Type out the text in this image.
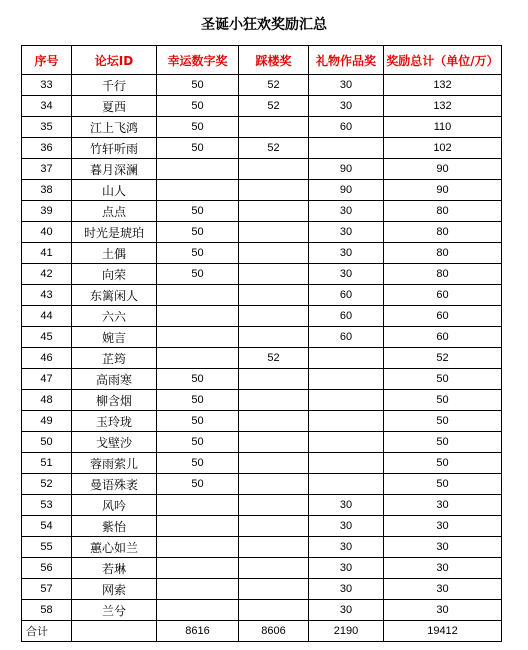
圣诞小狂欢奖励汇总
序号	论坛ID	幸运数字奖	踩楼奖	礼物作品奖	奖励总计（单位/万）
33	千行	50	52	30	132
34	夏西	50	52	30	132
35	江上飞鸿	50		60	110
36	竹轩听雨	50	52		102
37	暮月深澜			90	90
38	山人			90	90
39	点点	50		30	80
40	时光是琥珀	50		30	80
41	土偶	50		30	80
42	向荣	50		30	80
43	东篱闲人			60	60
44	六六			60	60
45	婉言			60	60
46	芷筠		52		52
47	高雨寒	50			50
48	柳含烟	50			50
49	玉玲珑	50			50
50	戈壁沙	50			50
51	蓉雨萦儿	50			50
52	曼语殊袤	50			50
53	风吟			30	30
54	紫怡			30	30
55	蕙心如兰			30	30
56	若琳			30	30
57	网索			30	30
58	兰兮			30	30
合计		8616	8606	2190	19412
